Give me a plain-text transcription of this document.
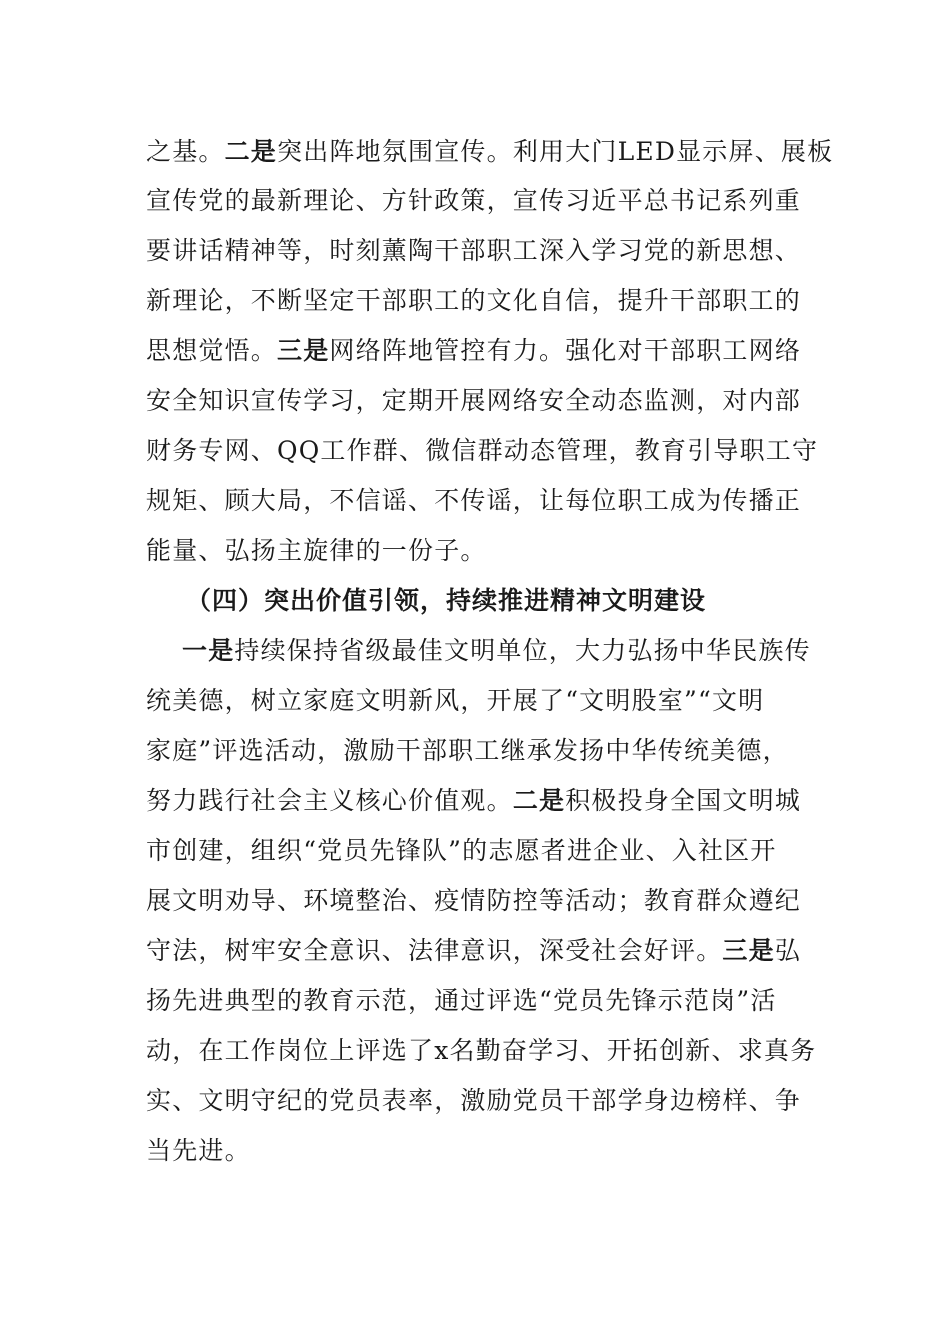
之基。二是突出阵地氛围宣传。利用大门LED显示屏、展板
宣传党的最新理论、方针政策，宣传习近平总书记系列重
要讲话精神等，时刻薰陶干部职工深入学习党的新思想、
新理论，不断坚定干部职工的文化自信，提升干部职工的
思想觉悟。三是网络阵地管控有力。强化对干部职工网络
安全知识宣传学习，定期开展网络安全动态监测，对内部
财务专网、QQ工作群、微信群动态管理，教育引导职工守
规矩、顾大局，不信谣、不传谣，让每位职工成为传播正
能量、弘扬主旋律的一份子。
（四）突出价值引领，持续推进精神文明建设
一是持续保持省级最佳文明单位，大力弘扬中华民族传
统美德，树立家庭文明新风，开展了“文明股室”“文明
家庭”评选活动，激励干部职工继承发扬中华传统美德，
努力践行社会主义核心价值观。二是积极投身全国文明城
市创建，组织“党员先锋队”的志愿者进企业、入社区开
展文明劝导、环境整治、疫情防控等活动；教育群众遵纪
守法，树牢安全意识、法律意识，深受社会好评。三是弘
扬先进典型的教育示范，通过评选“党员先锋示范岗”活
动，在工作岗位上评选了x名勤奋学习、开拓创新、求真务
实、文明守纪的党员表率，激励党员干部学身边榜样、争
当先进。
